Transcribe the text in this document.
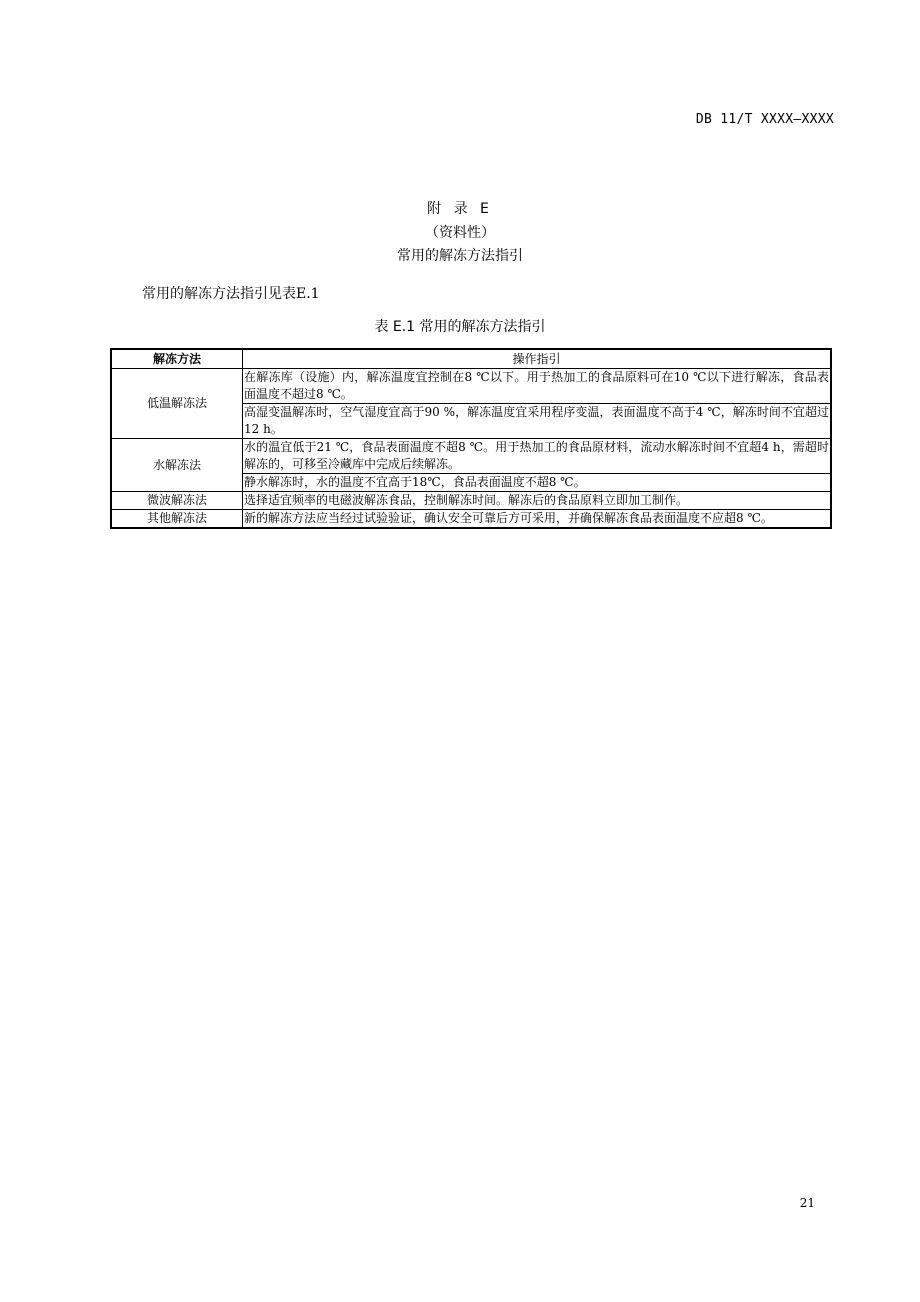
DB 11/T XXXX—XXXX
附 录 E
（资料性）
常用的解冻方法指引
常用的解冻方法指引见表E.1
表 E.1 常用的解冻方法指引
解冻方法	操作指引
低温解冻法	在解冻库（设施）内，解冻温度宜控制在8 ℃以下。用于热加工的食品原料可在10 ℃以下进行解冻，食品表面温度不超过8 ℃。
	高湿变温解冻时，空气湿度宜高于90 %，解冻温度宜采用程序变温，表面温度不高于4 ℃，解冻时间不宜超过12 h。
水解冻法	水的温宜低于21 ℃，食品表面温度不超8 ℃。用于热加工的食品原材料，流动水解冻时间不宜超4 h，需超时解冻的，可移至冷藏库中完成后续解冻。
	静水解冻时，水的温度不宜高于18℃，食品表面温度不超8 ℃。
微波解冻法	选择适宜频率的电磁波解冻食品，控制解冻时间。解冻后的食品原料立即加工制作。
其他解冻法	新的解冻方法应当经过试验验证，确认安全可靠后方可采用，并确保解冻食品表面温度不应超8 ℃。
21
